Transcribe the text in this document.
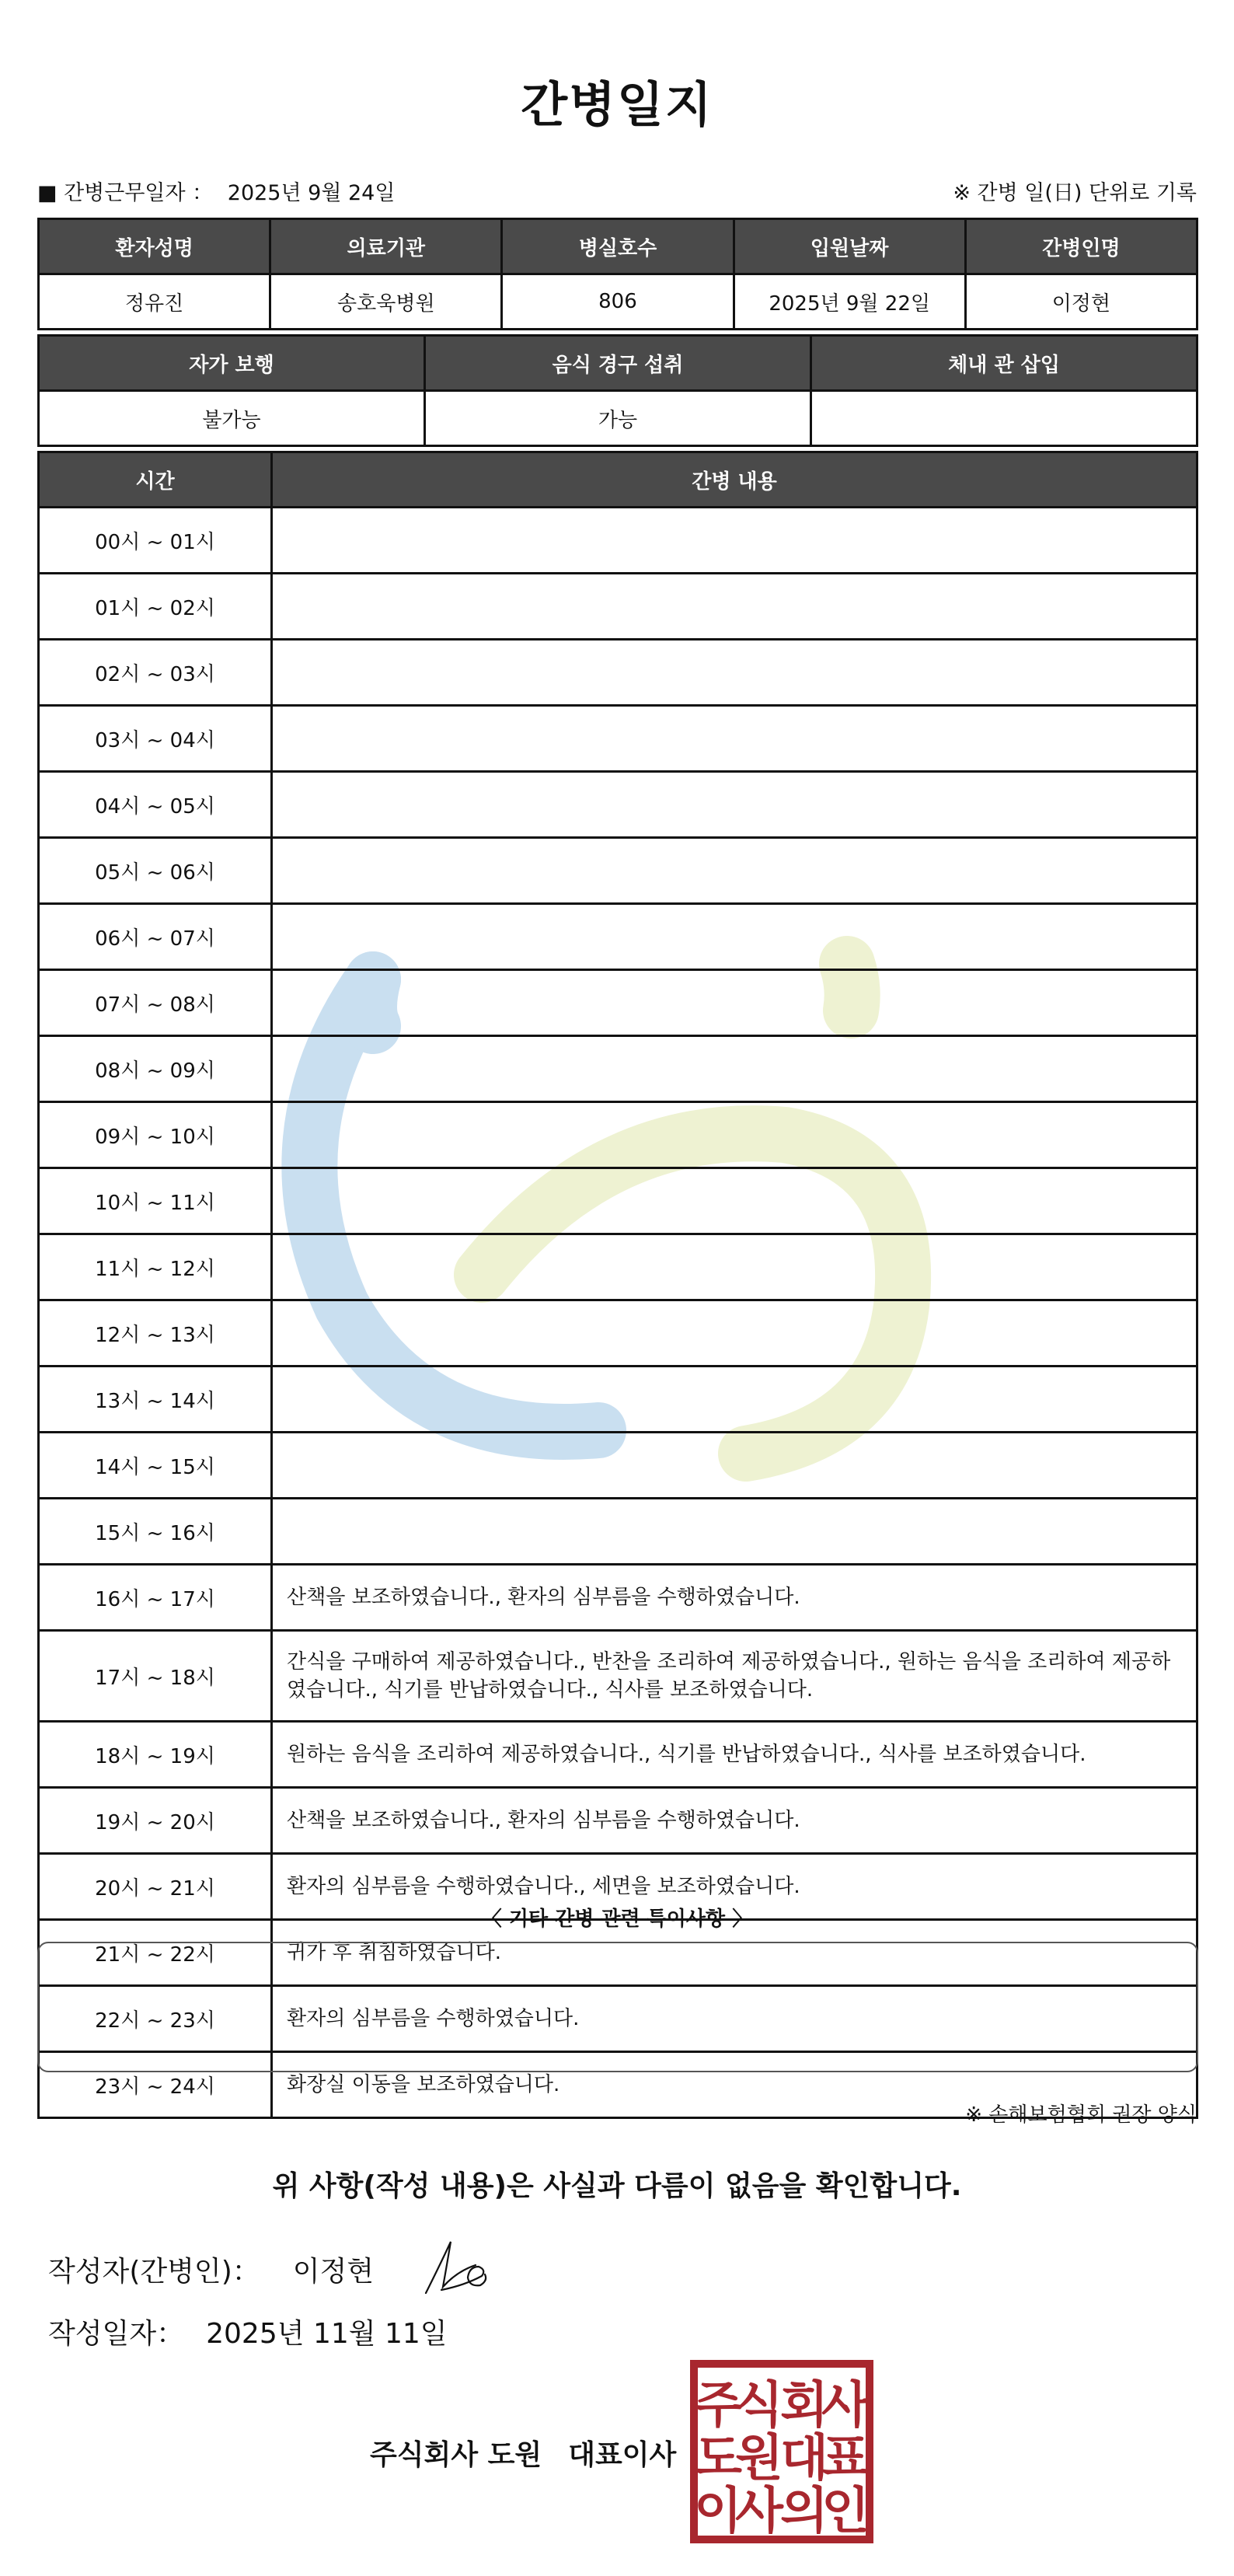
간병일지
■ 간병근무일자 ： 2025년 9월 24일	※ 간병 일(日) 단위로 기록
환자성명	의료기관	병실호수	입원날짜	간병인명
정유진	송호욱병원	806	2025년 9월 22일	이정현
자가 보행	음식 경구 섭취	체내 관 삽입
불가능	가능	
시간	간병 내용
00시 ~ 01시	
01시 ~ 02시	
02시 ~ 03시	
03시 ~ 04시	
04시 ~ 05시	
05시 ~ 06시	
06시 ~ 07시	
07시 ~ 08시	
08시 ~ 09시	
09시 ~ 10시	
10시 ~ 11시	
11시 ~ 12시	
12시 ~ 13시	
13시 ~ 14시	
14시 ~ 15시	
15시 ~ 16시	
16시 ~ 17시	산책을 보조하였습니다., 환자의 심부름을 수행하였습니다.
17시 ~ 18시	간식을 구매하여 제공하였습니다., 반찬을 조리하여 제공하였습니다., 원하는 음식을 조리하여 제공하였습니다., 식기를 반납하였습니다., 식사를 보조하였습니다.
18시 ~ 19시	원하는 음식을 조리하여 제공하였습니다., 식기를 반납하였습니다., 식사를 보조하였습니다.
19시 ~ 20시	산책을 보조하였습니다., 환자의 심부름을 수행하였습니다.
20시 ~ 21시	환자의 심부름을 수행하였습니다., 세면을 보조하였습니다.
21시 ~ 22시	귀가 후 취침하였습니다.
22시 ~ 23시	환자의 심부름을 수행하였습니다.
23시 ~ 24시	화장실 이동을 보조하였습니다.
〈 기타 간병 관련 특이사항 〉
※ 손해보험협회 권장 양식
위 사항(작성 내용)은 사실과 다름이 없음을 확인합니다.
작성자(간병인)： 이정현
작성일자： 2025년 11월 11일
주식회사 도원 대표이사
주
식
회
사
도
원
대
표
이
사
의
인
